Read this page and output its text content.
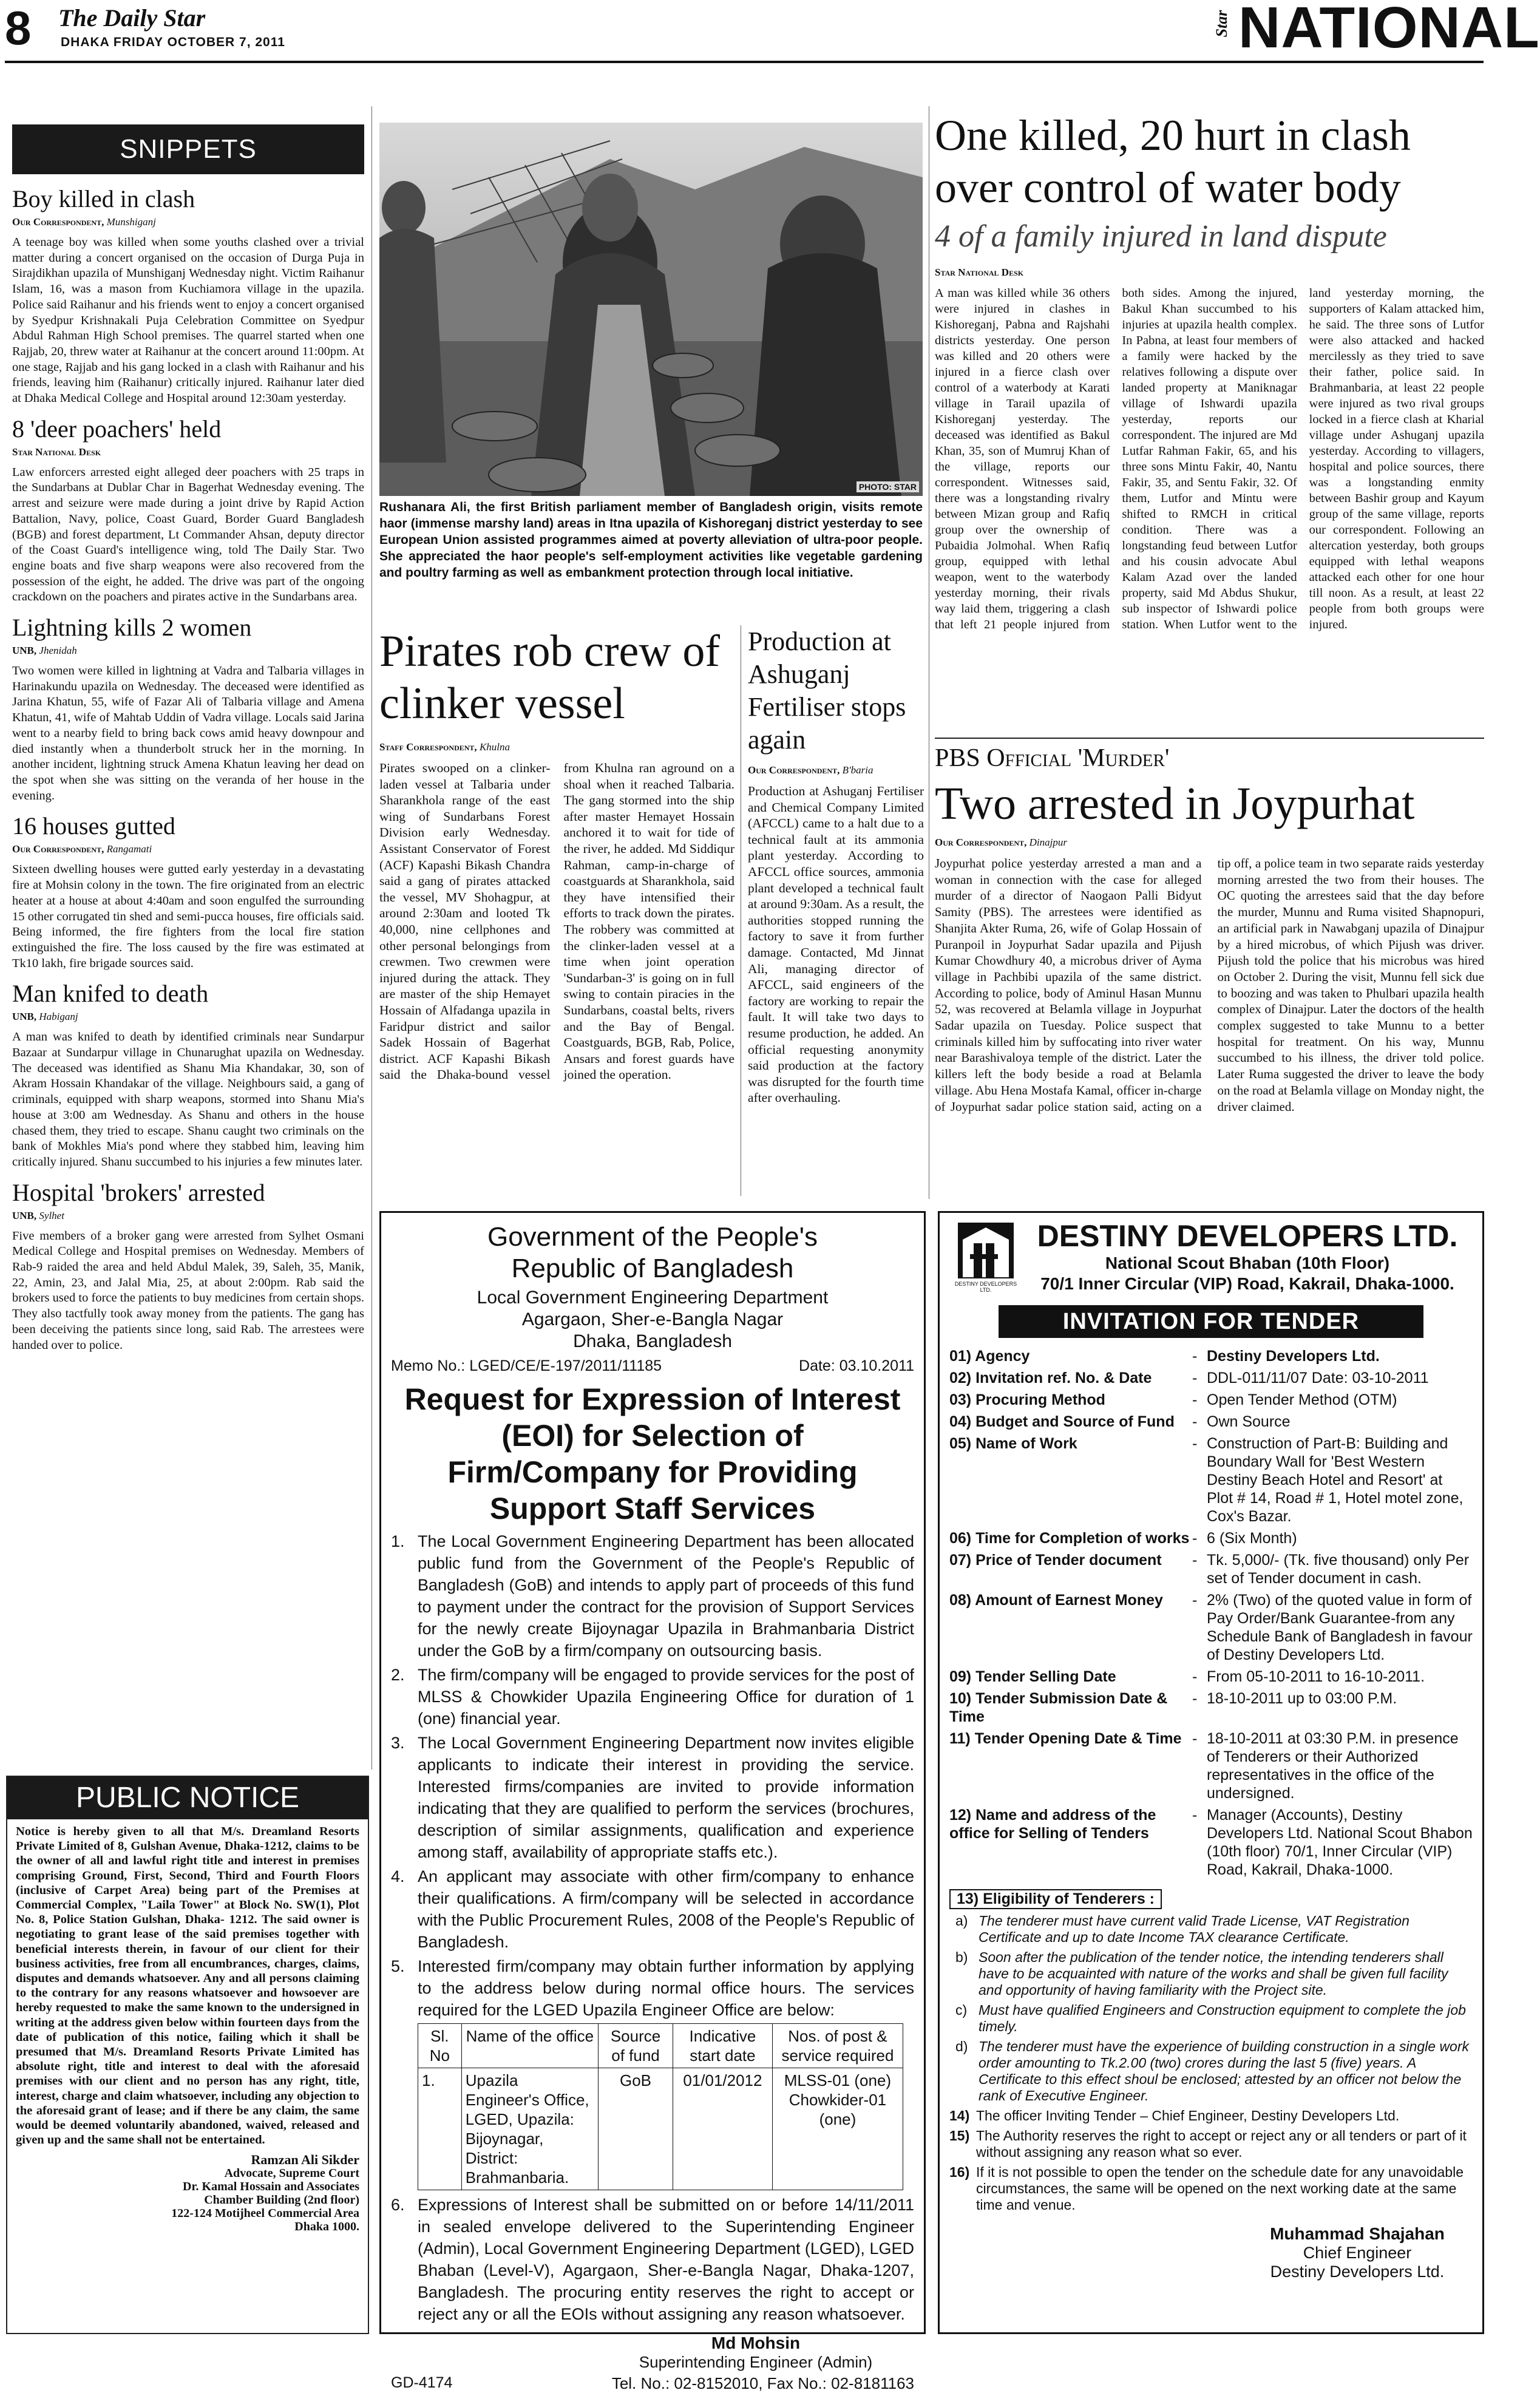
8 The Daily Star
DHAKA FRIDAY OCTOBER 7, 2011
Star NATIONAL
SNIPPETS
Boy killed in clash
Our Correspondent, Munshiganj

A teenage boy was killed when some youths clashed over a trivial matter during a concert organised on the occasion of Durga Puja in Sirajdikhan upazila of Munshiganj Wednesday night. Victim Raihanur Islam, 16, was a mason from Kuchiamora village in the upazila. Police said Raihanur and his friends went to enjoy a concert organised by Syedpur Krishnakali Puja Celebration Committee on Syedpur Abdul Rahman High School premises. The quarrel started when one Rajjab, 20, threw water at Raihanur at the concert around 11:00pm. At one stage, Rajjab and his gang locked in a clash with Raihanur and his friends, leaving him (Raihanur) critically injured. Raihanur later died at Dhaka Medical College and Hospital around 12:30am yesterday.

8 'deer poachers' held
Star National Desk

Law enforcers arrested eight alleged deer poachers with 25 traps in the Sundarbans at Dublar Char in Bagerhat Wednesday evening. The arrest and seizure were made during a joint drive by Rapid Action Battalion, Navy, police, Coast Guard, Border Guard Bangladesh (BGB) and forest department, Lt Commander Ahsan, deputy director of the Coast Guard's intelligence wing, told The Daily Star. Two engine boats and five sharp weapons were also recovered from the possession of the eight, he added. The drive was part of the ongoing crackdown on the poachers and pirates active in the Sundarbans area.

Lightning kills 2 women
UNB, Jhenidah

Two women were killed in lightning at Vadra and Talbaria villages in Harinakundu upazila on Wednesday. The deceased were identified as Jarina Khatun, 55, wife of Fazar Ali of Talbaria village and Amena Khatun, 41, wife of Mahtab Uddin of Vadra village. Locals said Jarina went to a nearby field to bring back cows amid heavy downpour and died instantly when a thunderbolt struck her in the morning. In another incident, lightning struck Amena Khatun leaving her dead on the spot when she was sitting on the veranda of her house in the evening.

16 houses gutted
Our Correspondent, Rangamati

Sixteen dwelling houses were gutted early yesterday in a devastating fire at Mohsin colony in the town. The fire originated from an electric heater at a house at about 4:40am and soon engulfed the surrounding 15 other corrugated tin shed and semi-pucca houses, fire officials said. Being informed, the fire fighters from the local fire station extinguished the fire. The loss caused by the fire was estimated at Tk10 lakh, fire brigade sources said.

Man knifed to death
UNB, Habiganj

A man was knifed to death by identified criminals near Sundarpur Bazaar at Sundarpur village in Chunarughat upazila on Wednesday. The deceased was identified as Shanu Mia Khandakar, 30, son of Akram Hossain Khandakar of the village. Neighbours said, a gang of criminals, equipped with sharp weapons, stormed into Shanu Mia's house at 3:00 am Wednesday. As Shanu and others in the house chased them, they tried to escape. Shanu caught two criminals on the bank of Mokhles Mia's pond where they stabbed him, leaving him critically injured. Shanu succumbed to his injuries a few minutes later.

Hospital 'brokers' arrested
UNB, Sylhet

Five members of a broker gang were arrested from Sylhet Osmani Medical College and Hospital premises on Wednesday. Members of Rab-9 raided the area and held Abdul Malek, 39, Saleh, 35, Manik, 22, Amin, 23, and Jalal Mia, 25, at about 2:00pm. Rab said the brokers used to force the patients to buy medicines from certain shops. They also tactfully took away money from the patients. The gang has been deceiving the patients since long, said Rab. The arrestees were handed over to police.

PUBLIC NOTICE

Notice is hereby given to all that M/s. Dreamland Resorts Private Limited of 8, Gulshan Avenue, Dhaka-1212, claims to be the owner of all and lawful right title and interest in premises comprising Ground, First, Second, Third and Fourth Floors (inclusive of Carpet Area) being part of the Premises at Commercial Complex, "Laila Tower" at Block No. SW(1), Plot No. 8, Police Station Gulshan, Dhaka- 1212. The said owner is negotiating to grant lease of the said premises together with beneficial interests therein, in favour of our client for their business activities, free from all encumbrances, charges, claims, disputes and demands whatsoever. Any and all persons claiming to the contrary for any reasons whatsoever and howsoever are hereby requested to make the same known to the undersigned in writing at the address given below within fourteen days from the date of publication of this notice, failing which it shall be presumed that M/s. Dreamland Resorts Private Limited has absolute right, title and interest to deal with the aforesaid premises with our client and no person has any right, title, interest, charge and claim whatsoever, including any objection to the aforesaid grant of lease; and if there be any claim, the same would be deemed voluntarily abandoned, waived, released and given up and the same shall not be entertained.

Ramzan Ali Sikder
Advocate, Supreme Court
Dr. Kamal Hossain and Associates
Chamber Building (2nd floor)
122-124 Motijheel Commercial Area
Dhaka 1000.
PHOTO: STAR
Rushanara Ali, the first British parliament member of Bangladesh origin, visits remote haor (immense marshy land) areas in Itna upazila of Kishoreganj district yesterday to see European Union assisted programmes aimed at poverty alleviation of ultra-poor people. She appreciated the haor people's self-employment activities like vegetable gardening and poultry farming as well as embankment protection through local initiative.
Pirates rob crew of clinker vessel
Staff Correspondent, Khulna

Pirates swooped on a clinker-laden vessel at Talbaria under Sharankhola range of the east wing of Sundarbans Forest Division early Wednesday. Assistant Conservator of Forest (ACF) Kapashi Bikash Chandra said a gang of pirates attacked the vessel, MV Shohagpur, at around 2:30am and looted Tk 40,000, nine cellphones and other personal belongings from crewmen. Two crewmen were injured during the attack. They are master of the ship Hemayet Hossain of Alfadanga upazila in Faridpur district and sailor Sadek Hossain of Bagerhat district. ACF Kapashi Bikash said the Dhaka-bound vessel from Khulna ran aground on a shoal when it reached Talbaria. The gang stormed into the ship after master Hemayet Hossain anchored it to wait for tide of the river, he added. Md Siddiqur Rahman, camp-in-charge of coastguards at Sharankhola, said they have intensified their efforts to track down the pirates. The robbery was committed at the clinker-laden vessel at a time when joint operation 'Sundarban-3' is going on in full swing to contain piracies in the Sundarbans, coastal belts, rivers and the Bay of Bengal. Coastguards, BGB, Rab, Police, Ansars and forest guards have joined the operation.

Production at Ashuganj Fertiliser stops again
Our Correspondent, B'baria

Production at Ashuganj Fertiliser and Chemical Company Limited (AFCCL) came to a halt due to a technical fault at its ammonia plant yesterday. According to AFCCL office sources, ammonia plant developed a technical fault at around 9:30am. As a result, the authorities stopped running the factory to save it from further damage. Contacted, Md Jinnat Ali, managing director of AFCCL, said engineers of the factory are working to repair the fault. It will take two days to resume production, he added. An official requesting anonymity said production at the factory was disrupted for the fourth time after overhauling.

One killed, 20 hurt in clash over control of water body
4 of a family injured in land dispute
Star National Desk

A man was killed while 36 others were injured in clashes in Kishoreganj, Pabna and Rajshahi districts yesterday. One person was killed and 20 others were injured in a fierce clash over control of a waterbody at Karati village in Tarail upazila of Kishoreganj yesterday. The deceased was identified as Bakul Khan, 35, son of Mumruj Khan of the village, reports our correspondent. Witnesses said, there was a longstanding rivalry between Mizan group and Rafiq group over the ownership of Pubaidia Jolmohal. When Rafiq group, equipped with lethal weapon, went to the waterbody yesterday morning, their rivals way laid them, triggering a clash that left 21 people injured from both sides. Among the injured, Bakul Khan succumbed to his injuries at upazila health complex. In Pabna, at least four members of a family were hacked by the relatives following a dispute over landed property at Maniknagar village of Ishwardi upazila yesterday, reports our correspondent. The injured are Md Lutfar Rahman Fakir, 65, and his three sons Mintu Fakir, 40, Nantu Fakir, 35, and Sentu Fakir, 32. Of them, Lutfor and Mintu were shifted to RMCH in critical condition. There was a longstanding feud between Lutfor and his cousin advocate Abul Kalam Azad over the landed property, said Md Abdus Shukur, sub inspector of Ishwardi police station. When Lutfor went to the land yesterday morning, the supporters of Kalam attacked him, he said. The three sons of Lutfor were also attacked and hacked mercilessly as they tried to save their father, police said. In Brahmanbaria, at least 22 people were injured as two rival groups locked in a fierce clash at Kharial village under Ashuganj upazila yesterday. According to villagers, hospital and police sources, there was a longstanding enmity between Bashir group and Kayum group of the same village, reports our correspondent. Following an altercation yesterday, both groups equipped with lethal weapons attacked each other for one hour till noon. As a result, at least 22 people from both groups were injured.

PBS Official 'Murder'
Two arrested in Joypurhat
Our Correspondent, Dinajpur

Joypurhat police yesterday arrested a man and a woman in connection with the case for alleged murder of a director of Naogaon Palli Bidyut Samity (PBS). The arrestees were identified as Shanjita Akter Ruma, 26, wife of Golap Hossain of Puranpoil in Joypurhat Sadar upazila and Pijush Kumar Chowdhury 40, a microbus driver of Ayma village in Pachbibi upazila of the same district. According to police, body of Aminul Hasan Munnu 52, was recovered at Belamla village in Joypurhat Sadar upazila on Tuesday. Police suspect that criminals killed him by suffocating into river water near Barashivaloya temple of the district. Later the killers left the body beside a road at Belamla village. Abu Hena Mostafa Kamal, officer in-charge of Joypurhat sadar police station said, acting on a tip off, a police team in two separate raids yesterday morning arrested the two from their houses. The OC quoting the arrestees said that the day before the murder, Munnu and Ruma visited Shapnopuri, an artificial park in Nawabganj upazila of Dinajpur by a hired microbus, of which Pijush was driver. Pijush told the police that his microbus was hired on October 2. During the visit, Munnu fell sick due to boozing and was taken to Phulbari upazila health complex of Dinajpur. Later the doctors of the health complex suggested to take Munnu to a better hospital for treatment. On his way, Munnu succumbed to his illness, the driver told police. Later Ruma suggested the driver to leave the body on the road at Belamla village on Monday night, the driver claimed.

Government of the People's Republic of Bangladesh
Local Government Engineering Department
Agargaon, Sher-e-Bangla Nagar
Dhaka, Bangladesh
Memo No.: LGED/CE/E-197/2011/11185	Date: 03.10.2011
Request for Expression of Interest (EOI) for Selection of Firm/Company for Providing Support Staff Services

1. The Local Government Engineering Department has been allocated public fund from the Government of the People's Republic of Bangladesh (GoB) and intends to apply part of proceeds of this fund to payment under the contract for the provision of Support Services for the newly create Bijoynagar Upazila in Brahmanbaria District under the GoB by a firm/company on outsourcing basis.

2. The firm/company will be engaged to provide services for the post of MLSS & Chowkider Upazila Engineering Office for duration of 1 (one) financial year.

3. The Local Government Engineering Department now invites eligible applicants to indicate their interest in providing the service. Interested firms/companies are invited to provide information indicating that they are qualified to perform the services (brochures, description of similar assignments, qualification and experience among staff, availability of appropriate staffs etc.).

4. An applicant may associate with other firm/company to enhance their qualifications. A firm/company will be selected in accordance with the Public Procurement Rules, 2008 of the People's Republic of Bangladesh.

5. Interested firm/company may obtain further information by applying to the address below during normal office hours. The services required for the LGED Upazila Engineer Office are below:

Sl. No	Name of the office	Source of fund	Indicative start date	Nos. of post & service required
1.	Upazila Engineer's Office, LGED, Upazila: Bijoynagar, District: Brahmanbaria.	GoB	01/01/2012	MLSS-01 (one) Chowkider-01 (one)

6. Expressions of Interest shall be submitted on or before 14/11/2011 in sealed envelope delivered to the Superintending Engineer (Admin), Local Government Engineering Department (LGED), LGED Bhaban (Level-V), Agargaon, Sher-e-Bangla Nagar, Dhaka-1207, Bangladesh. The procuring entity reserves the right to accept or reject any or all the EOIs without assigning any reason whatsoever.

Md Mohsin
Superintending Engineer (Admin)
GD-4174	Tel. No.: 02-8152010, Fax No.: 02-8181163
DESTINY DEVELOPERS LTD.
DESTINY DEVELOPERS LTD.
National Scout Bhaban (10th Floor)
70/1 Inner Circular (VIP) Road, Kakrail, Dhaka-1000.
INVITATION FOR TENDER
01) Agency	-	Destiny Developers Ltd.
02) Invitation ref. No. & Date	-	DDL-011/11/07 Date: 03-10-2011
03) Procuring Method	-	Open Tender Method (OTM)
04) Budget and Source of Fund	-	Own Source
05) Name of Work	-	Construction of Part-B: Building and Boundary Wall for 'Best Western Destiny Beach Hotel and Resort' at Plot # 14, Road # 1, Hotel motel zone, Cox's Bazar.
06) Time for Completion of works	-	6 (Six Month)
07) Price of Tender document	-	Tk. 5,000/- (Tk. five thousand) only Per set of Tender document in cash.
08) Amount of Earnest Money	-	2% (Two) of the quoted value in form of Pay Order/Bank Guarantee-from any Schedule Bank of Bangladesh in favour of Destiny Developers Ltd.
09) Tender Selling Date	-	From 05-10-2011 to 16-10-2011.
10) Tender Submission Date & Time	-	18-10-2011 up to 03:00 P.M.
11) Tender Opening Date & Time	-	18-10-2011 at 03:30 P.M. in presence of Tenderers or their Authorized representatives in the office of the undersigned.
12) Name and address of the office for Selling of Tenders	-	Manager (Accounts), Destiny Developers Ltd. National Scout Bhabon (10th floor) 70/1, Inner Circular (VIP) Road, Kakrail, Dhaka-1000.
13) Eligibility of Tenderers :
a) The tenderer must have current valid Trade License, VAT Registration Certificate and up to date Income TAX clearance Certificate.
b) Soon after the publication of the tender notice, the intending tenderers shall have to be acquainted with nature of the works and shall be given full facility and opportunity of having familiarity with the Project site.
c) Must have qualified Engineers and Construction equipment to complete the job timely.
d) The tenderer must have the experience of building construction in a single work order amounting to Tk.2.00 (two) crores during the last 5 (five) years. A Certificate to this effect shoul be enclosed; attested by an officer not below the rank of Executive Engineer.
14) The officer Inviting Tender – Chief Engineer, Destiny Developers Ltd.
15) The Authority reserves the right to accept or reject any or all tenders or part of it without assigning any reason what so ever.
16) If it is not possible to open the tender on the schedule date for any unavoidable circumstances, the same will be opened on the next working date at the same time and venue.
Muhammad Shajahan
Chief Engineer
Destiny Developers Ltd.
